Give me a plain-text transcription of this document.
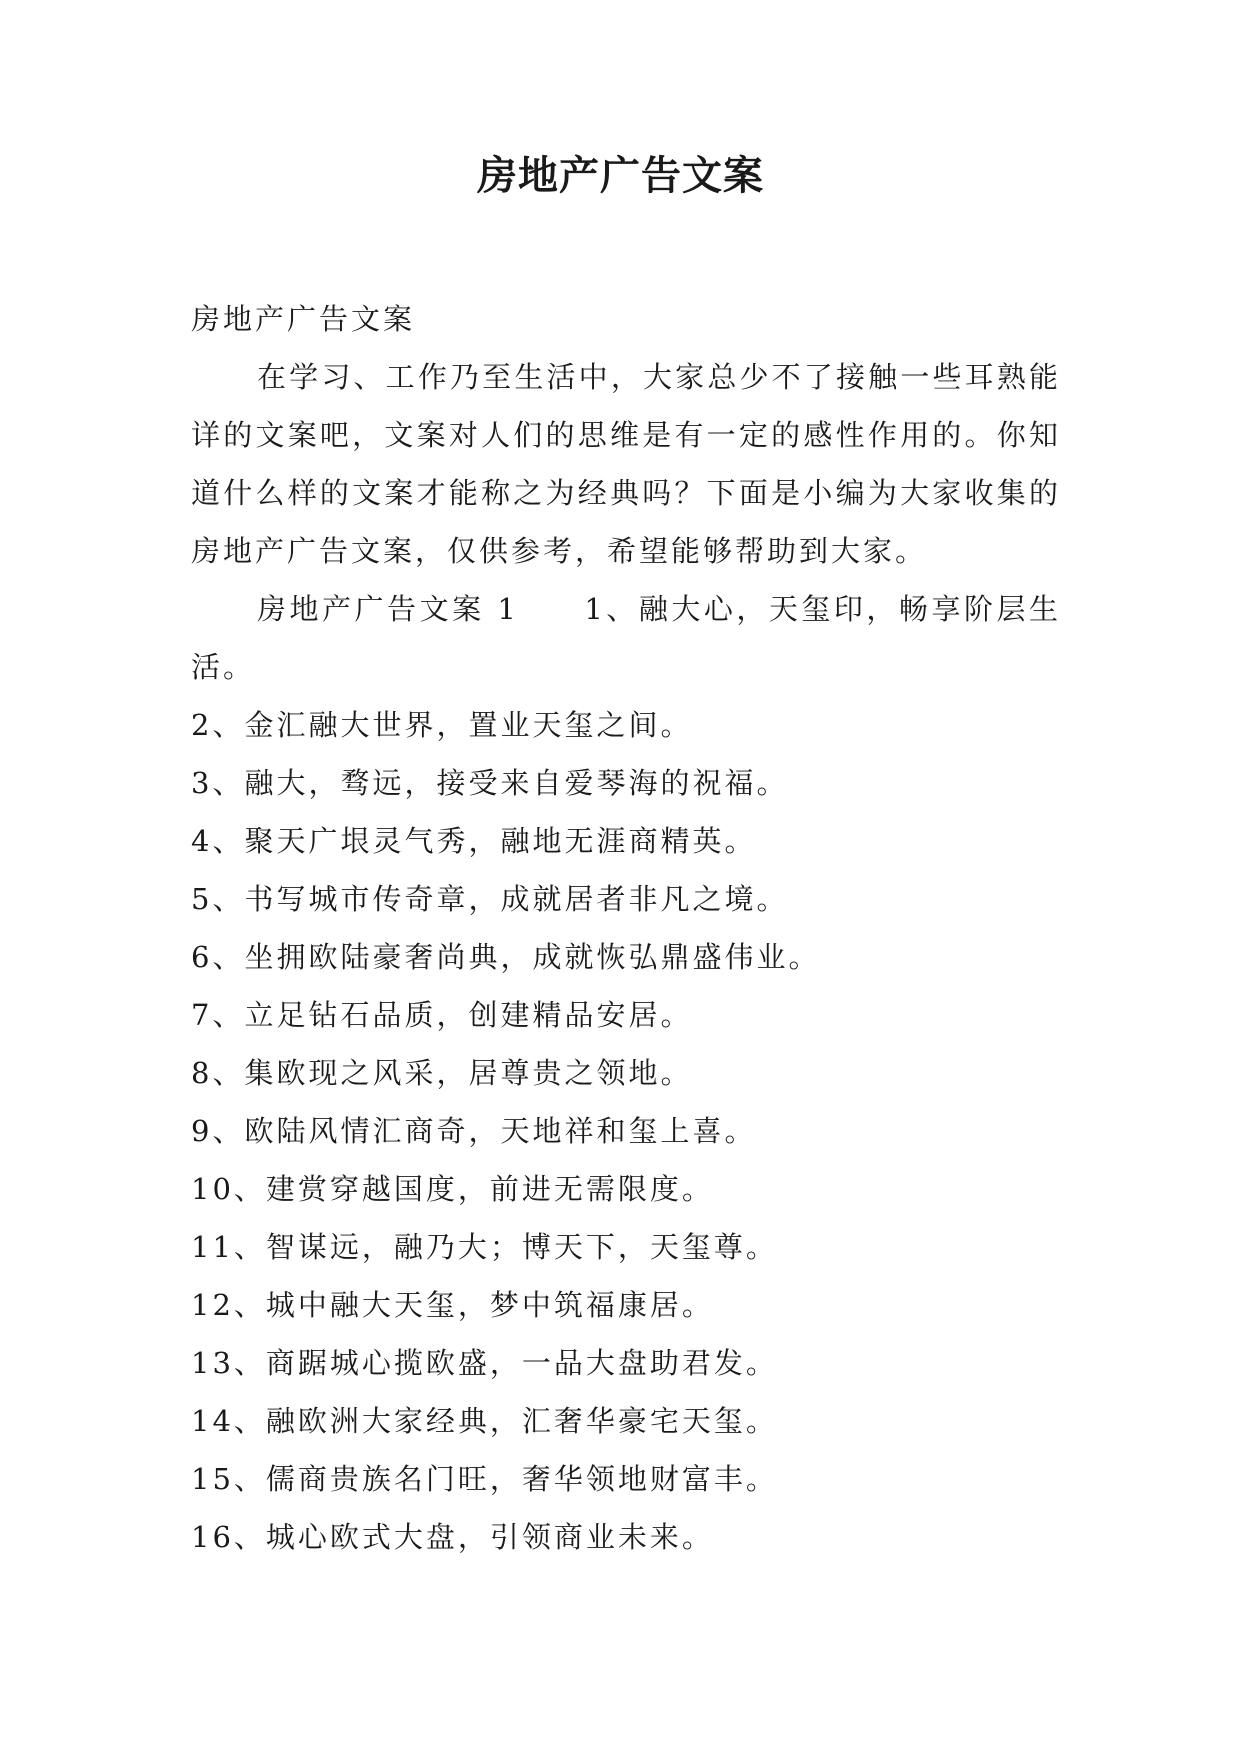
房地产广告文案

房地产广告文案

在学习、工作乃至生活中，大家总少不了接触一些耳熟能详的文案吧，文案对人们的思维是有一定的感性作用的。你知道什么样的文案才能称之为经典吗？下面是小编为大家收集的房地产广告文案，仅供参考，希望能够帮助到大家。

房地产广告文案 1　　1、融大心，天玺印，畅享阶层生活。

2、金汇融大世界，置业天玺之间。

3、融大，骛远，接受来自爱琴海的祝福。

4、聚天广垠灵气秀，融地无涯商精英。

5、书写城市传奇章，成就居者非凡之境。

6、坐拥欧陆豪奢尚典，成就恢弘鼎盛伟业。

7、立足钻石品质，创建精品安居。

8、集欧现之风采，居尊贵之领地。

9、欧陆风情汇商奇，天地祥和玺上喜。

10、建赏穿越国度，前进无需限度。

11、智谋远，融乃大；博天下，天玺尊。

12、城中融大天玺，梦中筑福康居。

13、商踞城心揽欧盛，一品大盘助君发。

14、融欧洲大家经典，汇奢华豪宅天玺。

15、儒商贵族名门旺，奢华领地财富丰。

16、城心欧式大盘，引领商业未来。
